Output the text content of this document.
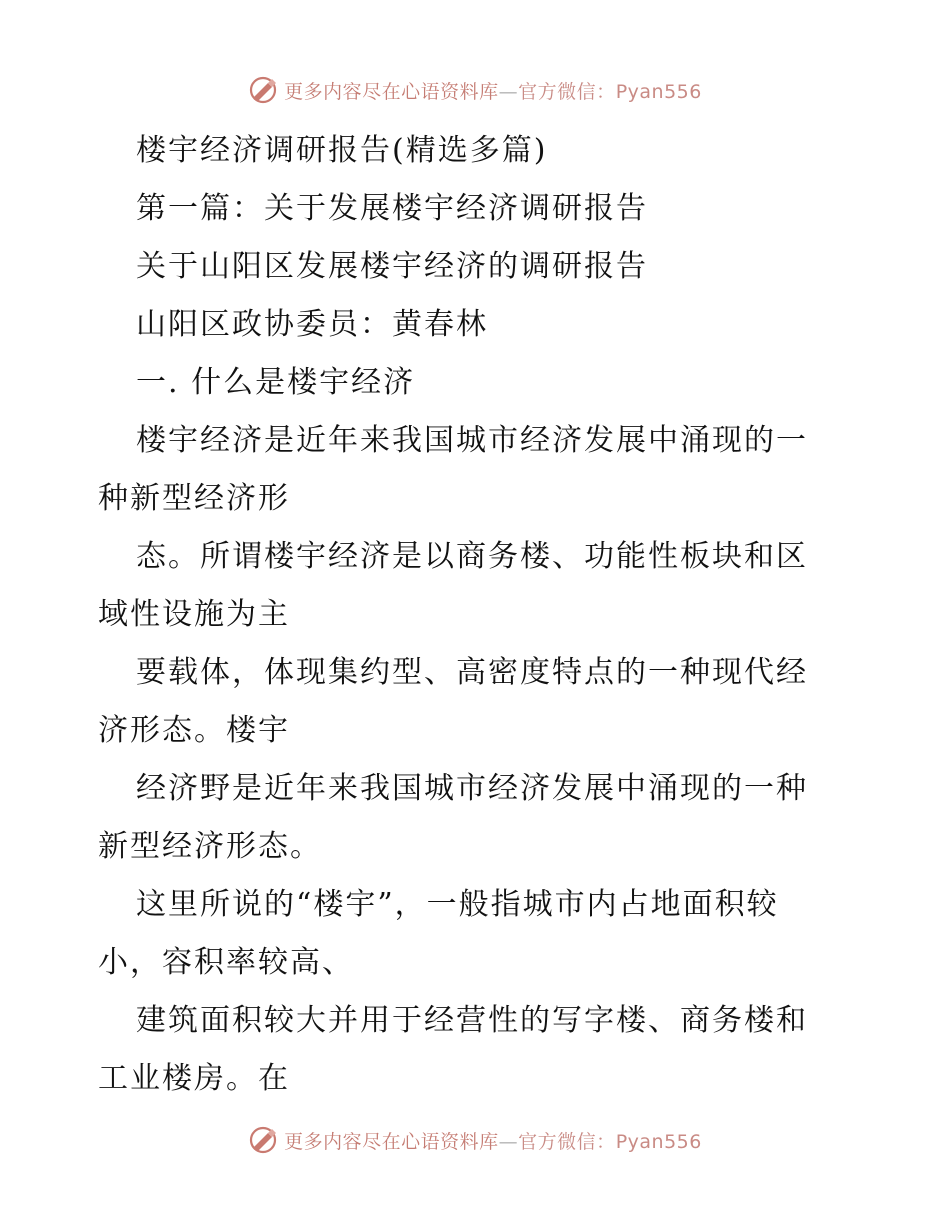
更多内容尽在心语资料库—官方微信：Pyan556

楼宇经济调研报告(精选多篇)

第一篇：关于发展楼宇经济调研报告

关于山阳区发展楼宇经济的调研报告

山阳区政协委员：黄春林

一. 什么是楼宇经济

楼宇经济是近年来我国城市经济发展中涌现的一

种新型经济形

态。所谓楼宇经济是以商务楼、功能性板块和区

域性设施为主

要载体，体现集约型、高密度特点的一种现代经

济形态。楼宇

经济野是近年来我国城市经济发展中涌现的一种

新型经济形态。

这里所说的“楼宇”，一般指城市内占地面积较

小，容积率较高、

建筑面积较大并用于经营性的写字楼、商务楼和

工业楼房。在

更多内容尽在心语资料库—官方微信：Pyan556
